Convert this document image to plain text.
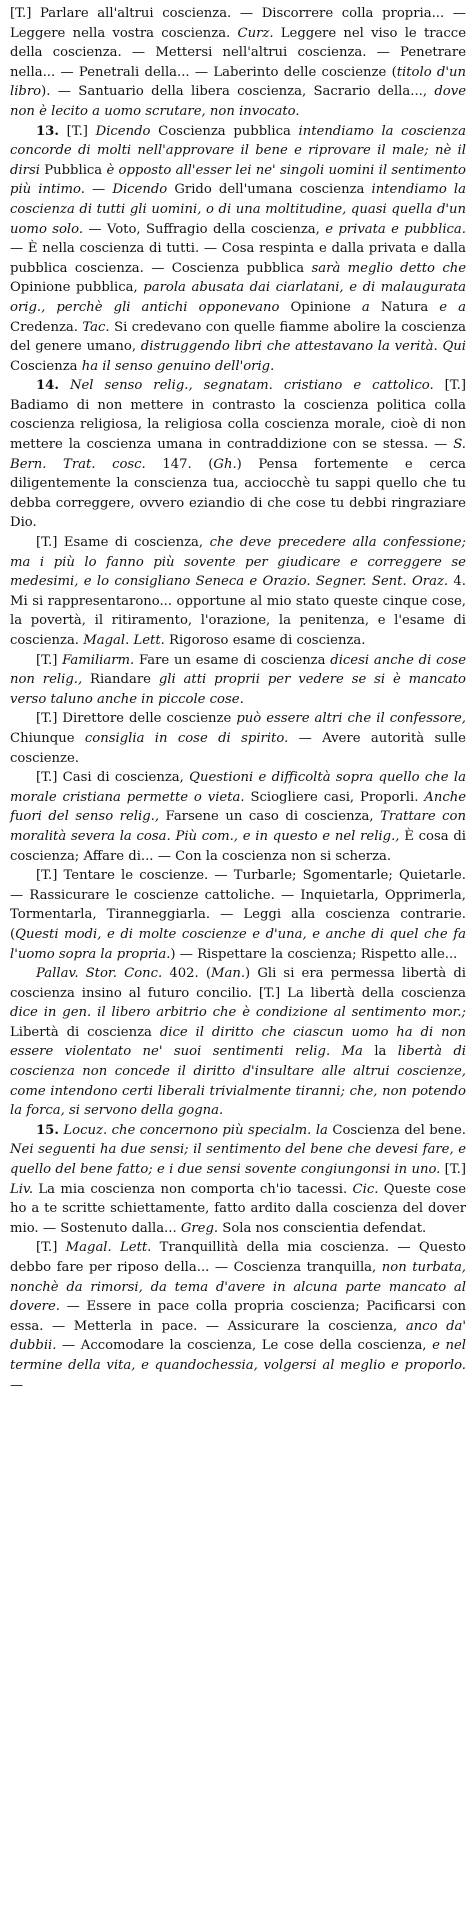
[T.] Parlare all'altrui coscienza. — Discorrere colla propria... — Leggere nella vostra coscienza. Curz. Leggere nel viso le tracce della coscienza. — Mettersi nell'altrui coscienza. — Penetrare nella... — Penetrali della... — Laberinto delle coscienze (titolo d'un libro). — Santuario della libera coscienza, Sacrario della..., dove non è lecito a uomo scrutare, non invocato.

13. [T.] Dicendo Coscienza pubblica intendiamo la coscienza concorde di molti nell'approvare il bene e riprovare il male; nè il dirsi Pubblica è opposto all'esser lei ne' singoli uomini il sentimento più intimo. — Dicendo Grido dell'umana coscienza intendiamo la coscienza di tutti gli uomini, o di una moltitudine, quasi quella d'un uomo solo. — Voto, Suffragio della coscienza, e privata e pubblica. — È nella coscienza di tutti. — Cosa respinta e dalla privata e dalla pubblica coscienza. — Coscienza pubblica sarà meglio detto che Opinione pubblica, parola abusata dai ciarlatani, e di malaugurata orig., perchè gli antichi opponevano Opinione a Natura e a Credenza. Tac. Si credevano con quelle fiamme abolire la coscienza del genere umano, distruggendo libri che attestavano la verità. Qui Coscienza ha il senso genuino dell'orig.

14. Nel senso relig., segnatam. cristiano e cattolico. [T.] Badiamo di non mettere in contrasto la coscienza politica colla coscienza religiosa, la religiosa colla coscienza morale, cioè di non mettere la coscienza umana in contraddizione con se stessa. — S. Bern. Trat. cosc. 147. (Gh.) Pensa fortemente e cerca diligentemente la conscienza tua, acciocchè tu sappi quello che tu debba correggere, ovvero eziandio di che cose tu debbi ringraziare Dio.

[T.] Esame di coscienza, che deve precedere alla confessione; ma i più lo fanno più sovente per giudicare e correggere se medesimi, e lo consigliano Seneca e Orazio. Segner. Sent. Oraz. 4. Mi si rappresentarono... opportune al mio stato queste cinque cose, la povertà, il ritiramento, l'orazione, la penitenza, e l'esame di coscienza. Magal. Lett. Rigoroso esame di coscienza.

[T.] Familiarm. Fare un esame di coscienza dicesi anche di cose non relig., Riandare gli atti proprii per vedere se si è mancato verso taluno anche in piccole cose.

[T.] Direttore delle coscienze può essere altri che il confessore, Chiunque consiglia in cose di spirito. — Avere autorità sulle coscienze.

[T.] Casi di coscienza, Questioni e difficoltà sopra quello che la morale cristiana permette o vieta. Sciogliere casi, Proporli. Anche fuori del senso relig., Farsene un caso di coscienza, Trattare con moralità severa la cosa. Più com., e in questo e nel relig., È cosa di coscienza; Affare di... — Con la coscienza non si scherza.

[T.] Tentare le coscienze. — Turbarle; Sgomentarle; Quietarle. — Rassicurare le coscienze cattoliche. — Inquietarla, Opprimerla, Tormentarla, Tiranneggiarla. — Leggi alla coscienza contrarie. (Questi modi, e di molte coscienze e d'una, e anche di quel che fa l'uomo sopra la propria.) — Rispettare la coscienza; Rispetto alle...

Pallav. Stor. Conc. 402. (Man.) Gli si era permessa libertà di coscienza insino al futuro concilio. [T.] La libertà della coscienza dice in gen. il libero arbitrio che è condizione al sentimento mor.; Libertà di coscienza dice il diritto che ciascun uomo ha di non essere violentato ne' suoi sentimenti relig. Ma la libertà di coscienza non concede il diritto d'insultare alle altrui coscienze, come intendono certi liberali trivialmente tiranni; che, non potendo la forca, si servono della gogna.

15. Locuz. che concernono più specialm. la Coscienza del bene. Nei seguenti ha due sensi; il sentimento del bene che devesi fare, e quello del bene fatto; e i due sensi sovente congiungonsi in uno. [T.] Liv. La mia coscienza non comporta ch'io tacessi. Cic. Queste cose ho a te scritte schiettamente, fatto ardito dalla coscienza del dover mio. — Sostenuto dalla... Greg. Sola nos conscientia defendat.

[T.] Magal. Lett. Tranquillità della mia coscienza. — Questo debbo fare per riposo della... — Coscienza tranquilla, non turbata, nonchè da rimorsi, da tema d'avere in alcuna parte mancato al dovere. — Essere in pace colla propria coscienza; Pacificarsi con essa. — Metterla in pace. — Assicurare la coscienza, anco da' dubbii. — Accomodare la coscienza, Le cose della coscienza, e nel termine della vita, e quandochessia, volgersi al meglio e proporlo. —
